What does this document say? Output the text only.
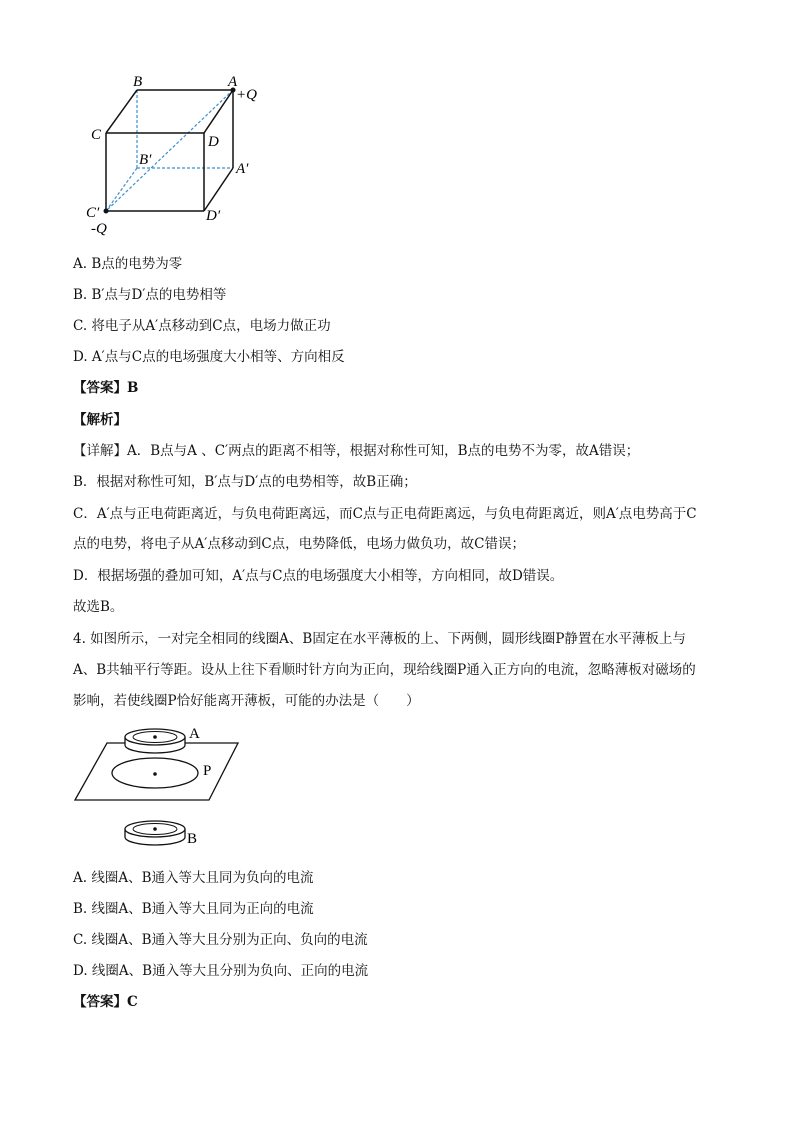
B	A
+Q
C	D
B′
A′
C′	D′
-Q
A. B点的电势为零
B. B′点与D′点的电势相等
C. 将电子从A′点移动到C点，电场力做正功
D. A′点与C点的电场强度大小相等、方向相反
【答案】B
【解析】
【详解】A．B点与A 、C′两点的距离不相等，根据对称性可知，B点的电势不为零，故A错误；
B．根据对称性可知，B′点与D′点的电势相等，故B正确；
C．A′点与正电荷距离近，与负电荷距离远，而C点与正电荷距离远，与负电荷距离近，则A′点电势高于C
点的电势，将电子从A′点移动到C点，电势降低，电场力做负功，故C错误；
D．根据场强的叠加可知，A′点与C点的电场强度大小相等，方向相同，故D错误。
故选B。
4. 如图所示，一对完全相同的线圈A、B固定在水平薄板的上、下两侧，圆形线圈P静置在水平薄板上与
A、B共轴平行等距。设从上往下看顺时针方向为正向，现给线圈P通入正方向的电流，忽略薄板对磁场的
影响，若使线圈P恰好能离开薄板，可能的办法是（　　）
A
P
B
A. 线圈A、B通入等大且同为负向的电流
B. 线圈A、B通入等大且同为正向的电流
C. 线圈A、B通入等大且分别为正向、负向的电流
D. 线圈A、B通入等大且分别为负向、正向的电流
【答案】C
